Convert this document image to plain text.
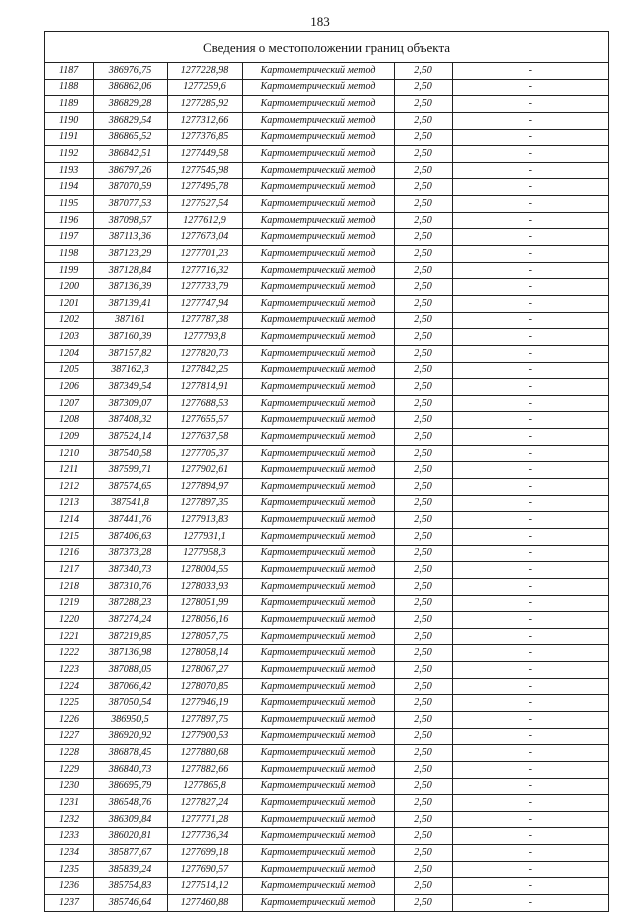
183
Сведения о местоположении границ объекта
1187	386976,75	1277228,98	Картометрический метод	2,50	-
1188	386862,06	1277259,6	Картометрический метод	2,50	-
1189	386829,28	1277285,92	Картометрический метод	2,50	-
1190	386829,54	1277312,66	Картометрический метод	2,50	-
1191	386865,52	1277376,85	Картометрический метод	2,50	-
1192	386842,51	1277449,58	Картометрический метод	2,50	-
1193	386797,26	1277545,98	Картометрический метод	2,50	-
1194	387070,59	1277495,78	Картометрический метод	2,50	-
1195	387077,53	1277527,54	Картометрический метод	2,50	-
1196	387098,57	1277612,9	Картометрический метод	2,50	-
1197	387113,36	1277673,04	Картометрический метод	2,50	-
1198	387123,29	1277701,23	Картометрический метод	2,50	-
1199	387128,84	1277716,32	Картометрический метод	2,50	-
1200	387136,39	1277733,79	Картометрический метод	2,50	-
1201	387139,41	1277747,94	Картометрический метод	2,50	-
1202	387161	1277787,38	Картометрический метод	2,50	-
1203	387160,39	1277793,8	Картометрический метод	2,50	-
1204	387157,82	1277820,73	Картометрический метод	2,50	-
1205	387162,3	1277842,25	Картометрический метод	2,50	-
1206	387349,54	1277814,91	Картометрический метод	2,50	-
1207	387309,07	1277688,53	Картометрический метод	2,50	-
1208	387408,32	1277655,57	Картометрический метод	2,50	-
1209	387524,14	1277637,58	Картометрический метод	2,50	-
1210	387540,58	1277705,37	Картометрический метод	2,50	-
1211	387599,71	1277902,61	Картометрический метод	2,50	-
1212	387574,65	1277894,97	Картометрический метод	2,50	-
1213	387541,8	1277897,35	Картометрический метод	2,50	-
1214	387441,76	1277913,83	Картометрический метод	2,50	-
1215	387406,63	1277931,1	Картометрический метод	2,50	-
1216	387373,28	1277958,3	Картометрический метод	2,50	-
1217	387340,73	1278004,55	Картометрический метод	2,50	-
1218	387310,76	1278033,93	Картометрический метод	2,50	-
1219	387288,23	1278051,99	Картометрический метод	2,50	-
1220	387274,24	1278056,16	Картометрический метод	2,50	-
1221	387219,85	1278057,75	Картометрический метод	2,50	-
1222	387136,98	1278058,14	Картометрический метод	2,50	-
1223	387088,05	1278067,27	Картометрический метод	2,50	-
1224	387066,42	1278070,85	Картометрический метод	2,50	-
1225	387050,54	1277946,19	Картометрический метод	2,50	-
1226	386950,5	1277897,75	Картометрический метод	2,50	-
1227	386920,92	1277900,53	Картометрический метод	2,50	-
1228	386878,45	1277880,68	Картометрический метод	2,50	-
1229	386840,73	1277882,66	Картометрический метод	2,50	-
1230	386695,79	1277865,8	Картометрический метод	2,50	-
1231	386548,76	1277827,24	Картометрический метод	2,50	-
1232	386309,84	1277771,28	Картометрический метод	2,50	-
1233	386020,81	1277736,34	Картометрический метод	2,50	-
1234	385877,67	1277699,18	Картометрический метод	2,50	-
1235	385839,24	1277690,57	Картометрический метод	2,50	-
1236	385754,83	1277514,12	Картометрический метод	2,50	-
1237	385746,64	1277460,88	Картометрический метод	2,50	-
